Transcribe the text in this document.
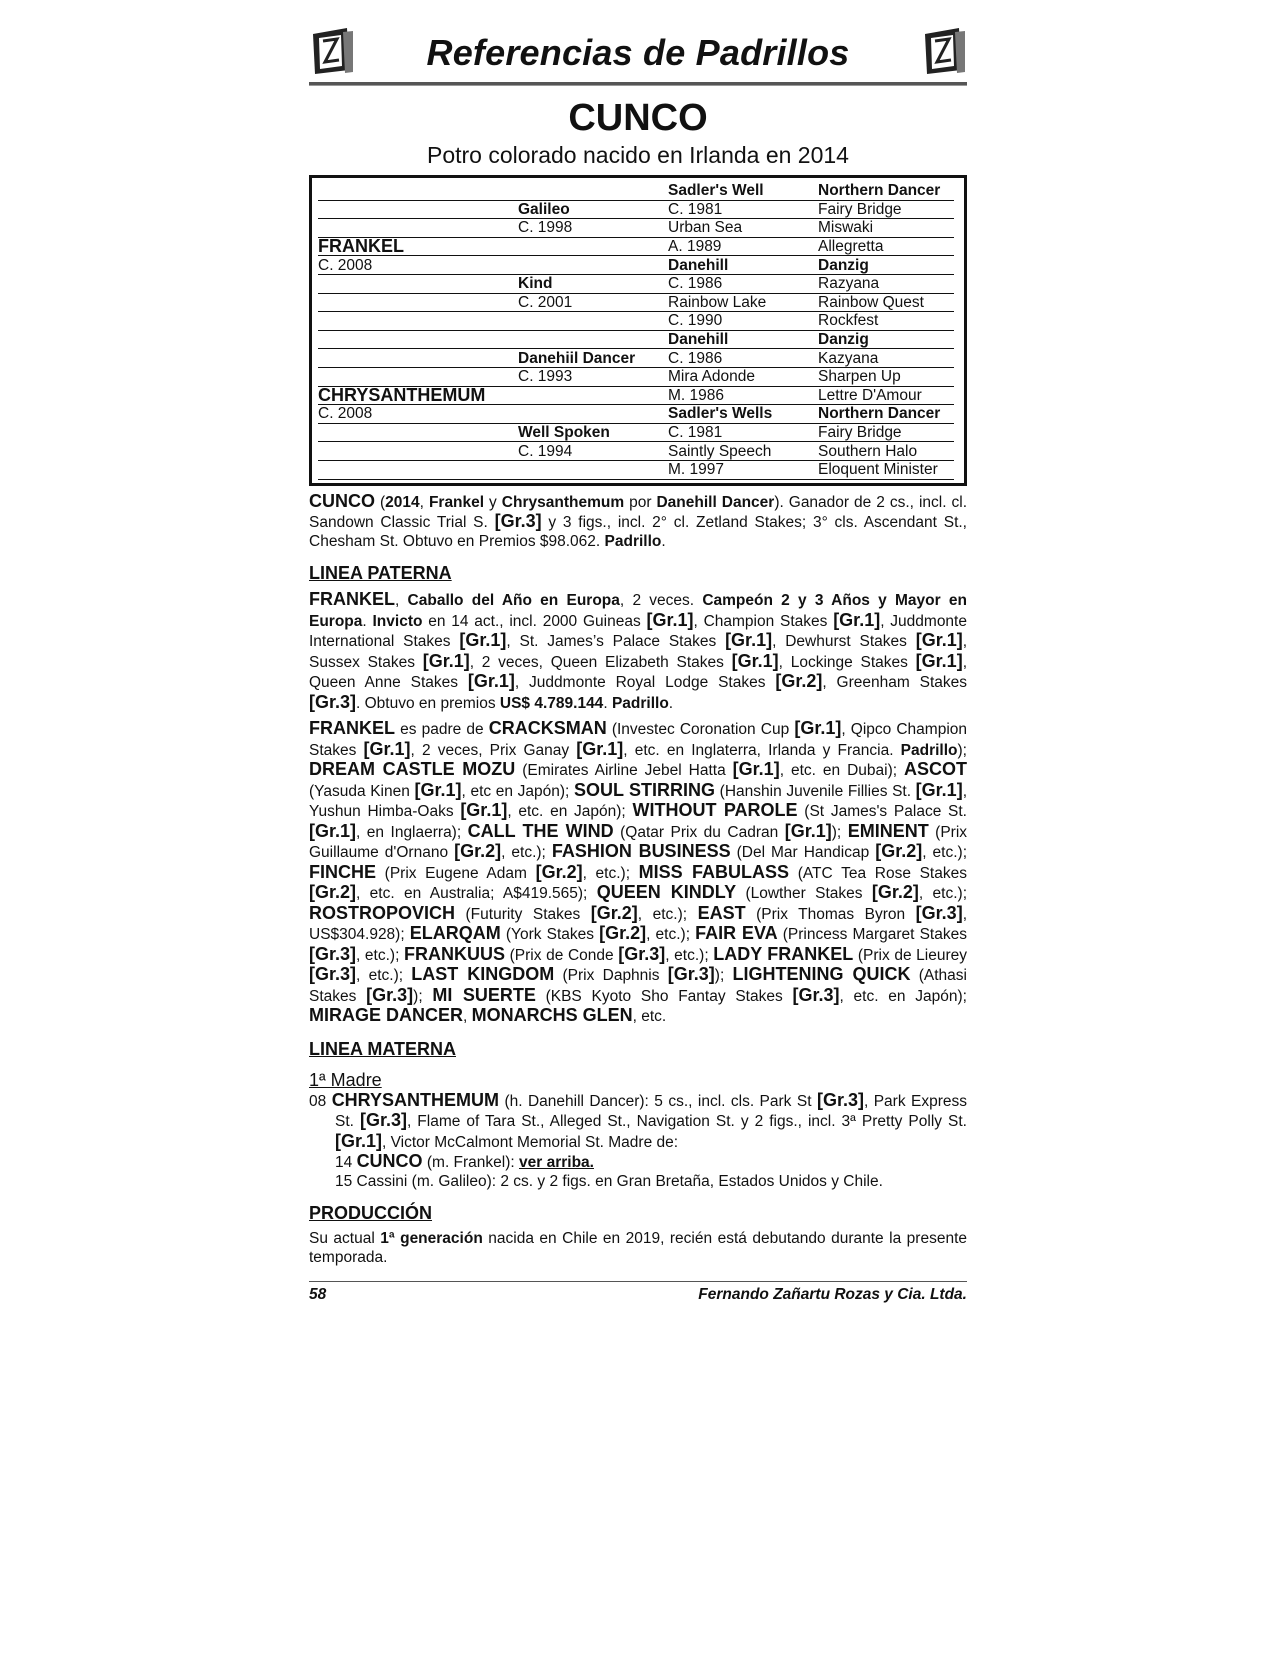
Referencias de Padrillos
CUNCO
Potro colorado nacido en Irlanda en 2014
		Sadler's Well	Northern Dancer
	Galileo	C. 1981	Fairy Bridge
	C. 1998	Urban Sea	Miswaki
FRANKEL		A. 1989	Allegretta
C. 2008		Danehill	Danzig
	Kind	C. 1986	Razyana
	C. 2001	Rainbow Lake	Rainbow Quest
		C. 1990	Rockfest
		Danehill	Danzig
	Danehiil Dancer	C. 1986	Kazyana
	C. 1993	Mira Adonde	Sharpen Up
CHRYSANTHEMUM		M. 1986	Lettre D'Amour
C. 2008		Sadler's Wells	Northern Dancer
	Well Spoken	C. 1981	Fairy Bridge
	C. 1994	Saintly Speech	Southern Halo
		M. 1997	Eloquent Minister
CUNCO (2014, Frankel y Chrysanthemum por Danehill Dancer). Ganador de 2 cs., incl. cl. Sandown Classic Trial S. [Gr.3] y 3 figs., incl. 2° cl. Zetland Stakes; 3° cls. Ascendant St., Chesham St. Obtuvo en Premios $98.062. Padrillo.
LINEA PATERNA
FRANKEL, Caballo del Año en Europa, 2 veces. Campeón 2 y 3 Años y Mayor en Europa. Invicto en 14 act., incl. 2000 Guineas [Gr.1], Champion Stakes [Gr.1], Juddmonte International Stakes [Gr.1], St. James’s Palace Stakes [Gr.1], Dewhurst Stakes [Gr.1], Sussex Stakes [Gr.1], 2 veces, Queen Elizabeth Stakes [Gr.1], Lockinge Stakes [Gr.1], Queen Anne Stakes [Gr.1], Juddmonte Royal Lodge Stakes [Gr.2], Greenham Stakes [Gr.3]. Obtuvo en premios US$ 4.789.144. Padrillo.
FRANKEL es padre de CRACKSMAN (Investec Coronation Cup [Gr.1], Qipco Champion Stakes [Gr.1], 2 veces, Prix Ganay [Gr.1], etc. en Inglaterra, Irlanda y Francia. Padrillo); DREAM CASTLE MOZU (Emirates Airline Jebel Hatta [Gr.1], etc. en Dubai); ASCOT (Yasuda Kinen [Gr.1], etc en Japón); SOUL STIRRING (Hanshin Juvenile Fillies St. [Gr.1], Yushun Himba-Oaks [Gr.1], etc. en Japón); WITHOUT PAROLE (St James's Palace St. [Gr.1], en Inglaerra); CALL THE WIND (Qatar Prix du Cadran [Gr.1]); EMINENT (Prix Guillaume d'Ornano [Gr.2], etc.); FASHION BUSINESS (Del Mar Handicap [Gr.2], etc.); FINCHE (Prix Eugene Adam [Gr.2], etc.); MISS FABULASS (ATC Tea Rose Stakes [Gr.2], etc. en Australia; A$419.565); QUEEN KINDLY (Lowther Stakes [Gr.2], etc.); ROSTROPOVICH (Futurity Stakes [Gr.2], etc.); EAST (Prix Thomas Byron [Gr.3], US$304.928); ELARQAM (York Stakes [Gr.2], etc.); FAIR EVA (Princess Margaret Stakes [Gr.3], etc.); FRANKUUS (Prix de Conde [Gr.3], etc.); LADY FRANKEL (Prix de Lieurey [Gr.3], etc.); LAST KINGDOM (Prix Daphnis [Gr.3]); LIGHTENING QUICK (Athasi Stakes [Gr.3]); MI SUERTE (KBS Kyoto Sho Fantay Stakes [Gr.3], etc. en Japón); MIRAGE DANCER, MONARCHS GLEN, etc.
LINEA MATERNA
1ª Madre
08 CHRYSANTHEMUM (h. Danehill Dancer): 5 cs., incl. cls. Park St [Gr.3], Park Express St. [Gr.3], Flame of Tara St., Alleged St., Navigation St. y 2 figs., incl. 3ª Pretty Polly St. [Gr.1], Victor McCalmont Memorial St. Madre de:
14 CUNCO (m. Frankel): ver arriba.
15 Cassini (m. Galileo): 2 cs. y 2 figs. en Gran Bretaña, Estados Unidos y Chile.
PRODUCCIÓN
Su actual 1ª generación nacida en Chile en 2019, recién está debutando durante la presente temporada.
58	Fernando Zañartu Rozas y Cia. Ltda.
